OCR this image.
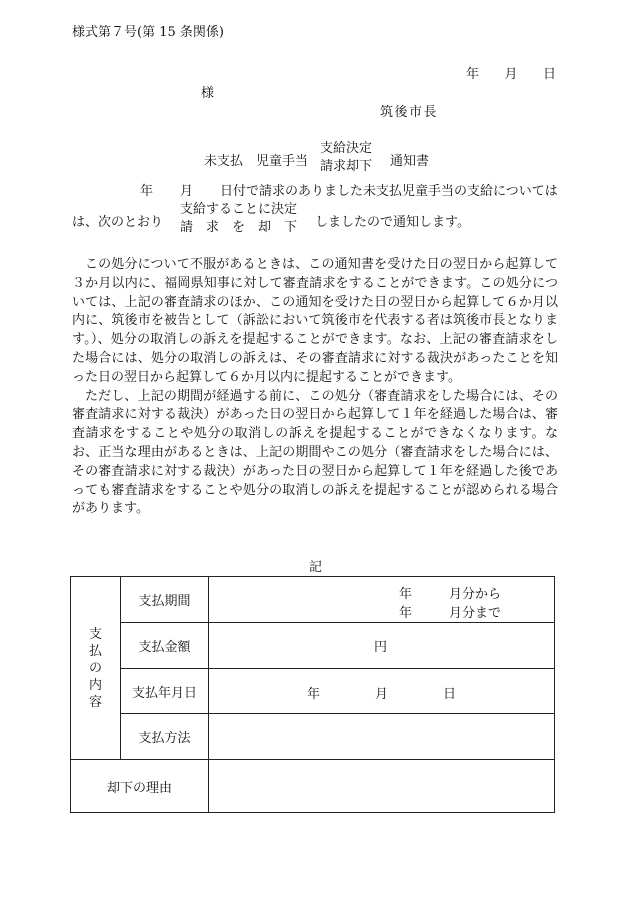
様式第７号(第 15 条関係)
年 月 日
様
筑後市長
未支払　児童手当
支給決定
請求却下 通知書
年 月 日付で請求のありました未支払児童手当の支給については
は、次のとおり
支給することに決定
請　求　を　却　下 しましたので通知します。

この処分について不服があるときは、この通知書を受けた日の翌日から起算して３か月以内に、福岡県知事に対して審査請求をすることができます。この処分については、上記の審査請求のほか、この通知を受けた日の翌日から起算して６か月以内に、筑後市を被告として（訴訟において筑後市を代表する者は筑後市長となります。）、処分の取消しの訴えを提起することができます。なお、上記の審査請求をした場合には、処分の取消しの訴えは、その審査請求に対する裁決があったことを知った日の翌日から起算して６か月以内に提起することができます。

ただし、上記の期間が経過する前に、この処分（審査請求をした場合には、その審査請求に対する裁決）があった日の翌日から起算して１年を経過した場合は、審査請求をすることや処分の取消しの訴えを提起することができなくなります。なお、正当な理由があるときは、上記の期間やこの処分（審査請求をした場合には、その審査請求に対する裁決）があった日の翌日から起算して１年を経過した後であっても審査請求をすることや処分の取消しの訴えを提起することが認められる場合があります。

記
支
払
の
内
容	支払期間	年 月分から
年 月分まで

	支払金額	円
	支払年月日	年 月 日

	支払方法	
却下の理由		
